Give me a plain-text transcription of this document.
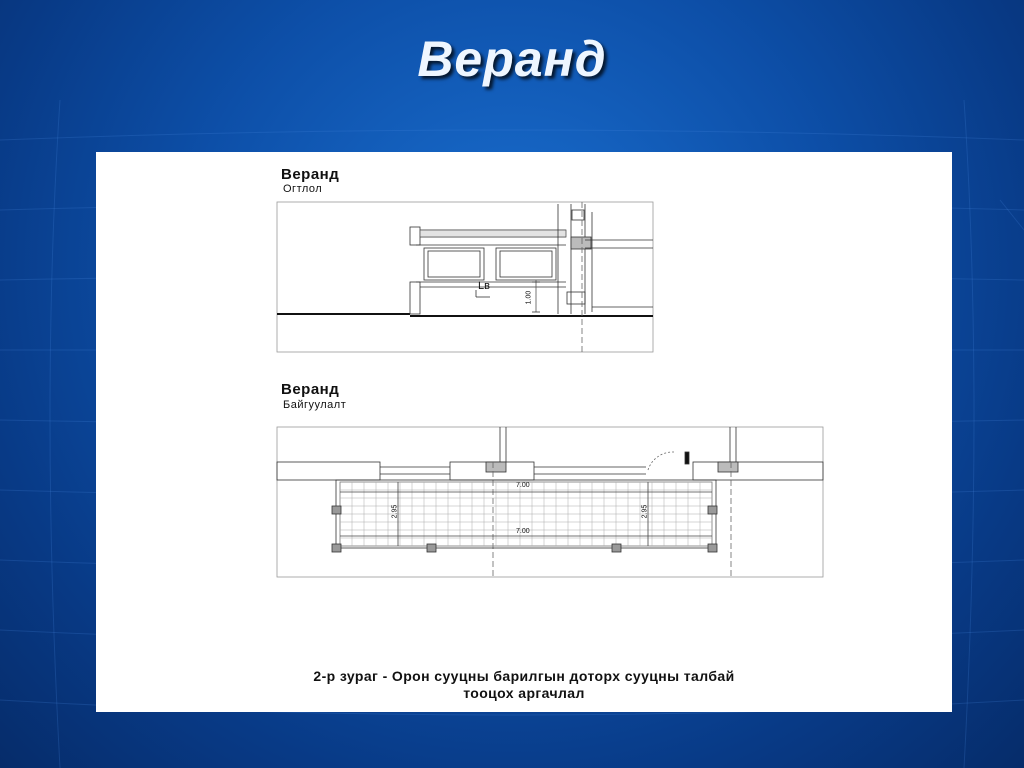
Веранд
Веранд
Огтлол
Lв
1.00
Веранд
Байгуулалт
7.00
7.00
2.95	2.95
2-р зураг - Орон сууцны барилгын доторх сууцны талбай
тооцох аргачлал
